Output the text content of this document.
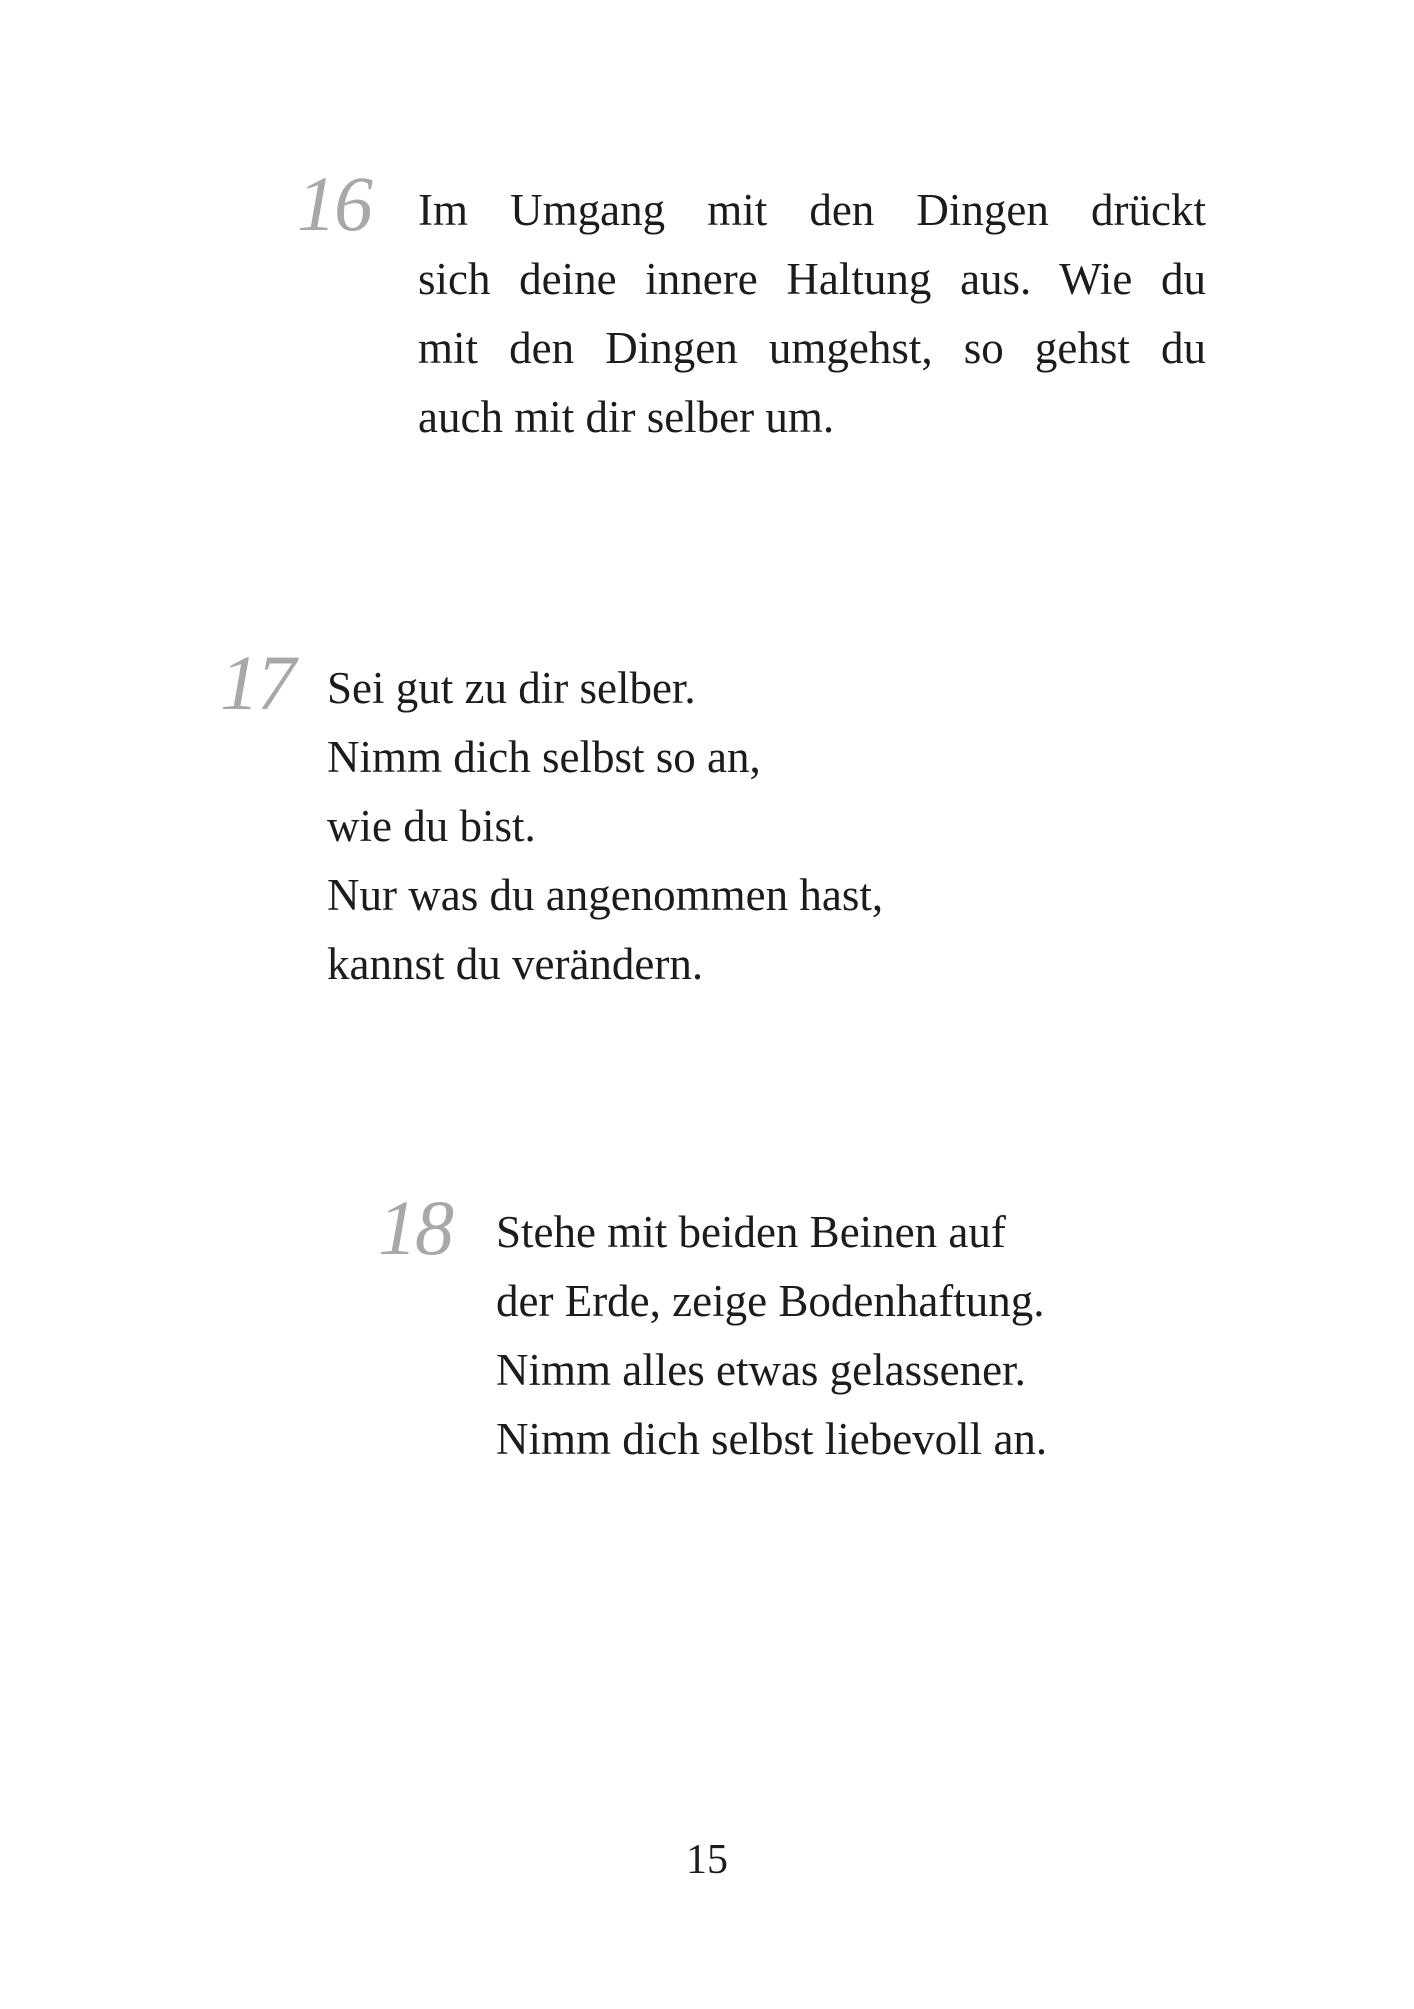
16 Im Umgang mit den Dingen drückt
sich deine innere Haltung aus. Wie du
mit den Dingen umgehst, so gehst du
auch mit dir selber um.
17 Sei gut zu dir selber.
Nimm dich selbst so an,
wie du bist.
Nur was du angenommen hast,
kannst du verändern.
18 Stehe mit beiden Beinen auf
der Erde, zeige Bodenhaftung.
Nimm alles etwas gelassener.
Nimm dich selbst liebevoll an.
15
